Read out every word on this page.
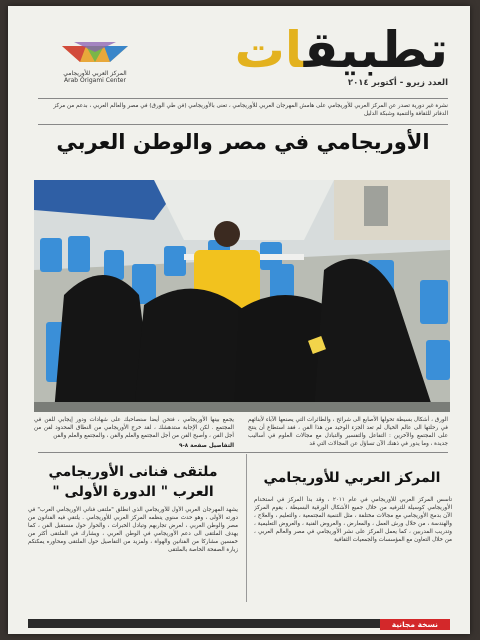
المركز العربي للأوريجامي
Arab Origami Center
تطبيقات
العدد زيرو - أكتوبر ٢٠١٤
نشرة غير دورية تصدر عن المركز العربي للأوريجامي على هامش المهرجان العربي للأوريجامي ، تعنى بالأوريجامي (فن طي الورق) في مصر والعالم العربي ، بدعم من مركز الدفاتر للثقافة والتنمية وشبكة الدليل
الأوريجامي في مصر والوطن العربي
الورق ، أشكال بسيطة تحولها الأصابع الى شرائح ، والطائرات التي يصنعها الآباء لأبنائهم في رحلتها الى عالم الخيال لم تعد الجزء الوحيد من هذا الفن ، فقد استطاع أن ينتج على المجتمع والآخرين : التفاعل والتفسير والتبادل مع مجالات العلوم في أساليب جديدة ، وما يدور في ذهنك الآن تساؤل عن المجالات التي قد
يجمع بينها الأوريجامي ، فتحن أيضا سنصاحبك على شهادات ودور إيجابي للفن في المجتمع . لكن الإجابة ستدهشك ، لقد خرج الأوريجامي من النطاق المحدود لفن من أجل الفن ، وأصبح الفن من أجل المجتمع والعلم والفن ، والمجتمع والعلم والفن
التفاصيل صفحة ٨-٩
ملتقى فنانى الأوريجامي العرب " الدورة الأولى "
يشهد المهرجان العربي الأول للأوريجامي الذي انطلق "ملتقى فناني الأوريجامي العرب" في دورته الأولى ، وهو حدث سنوي ينظمه المركز العربي للأوريجامي . يلتقي فيه الفنانون من مصر والوطن العربي ، لعرض تجاربهم وتبادل الخبرات ، والحوار حول مستقبل الفن ، كما يهدف الملتقى الى دعم الأوريجامي في الوطن العربي ، ويشارك في الملتقى أكثر من خمسين مشاركا من الفنانين والهواة ، ولمزيد من التفاصيل حول الملتقى ومحاوره يمكنكم زيارة الصفحة الخاصة بالملتقى
المركز العربي للأوريجامي
تأسس المركز العربي للأوريجامي في عام ٢٠١١ ، وقد بدأ المركز في استخدام الأوريجامي كوسيلة للترفيه من خلال جميع الأشكال الورقية البسيطة ، يقوم المركز الآن بدمج الأوريجامي مع مجالات مختلفة ، مثل التنمية المجتمعية ، والتعليم ، والعلاج ، والهندسة ، من خلال ورش العمل ، والمعارض ، والعروض الفنية ، والعروض التعليمية ، وتدريب المدربين ، كما يعمل المركز على نشر الأوريجامي في مصر والعالم العربي ، من خلال التعاون مع المؤسسات والجمعيات الثقافية
نسخة مجانية
